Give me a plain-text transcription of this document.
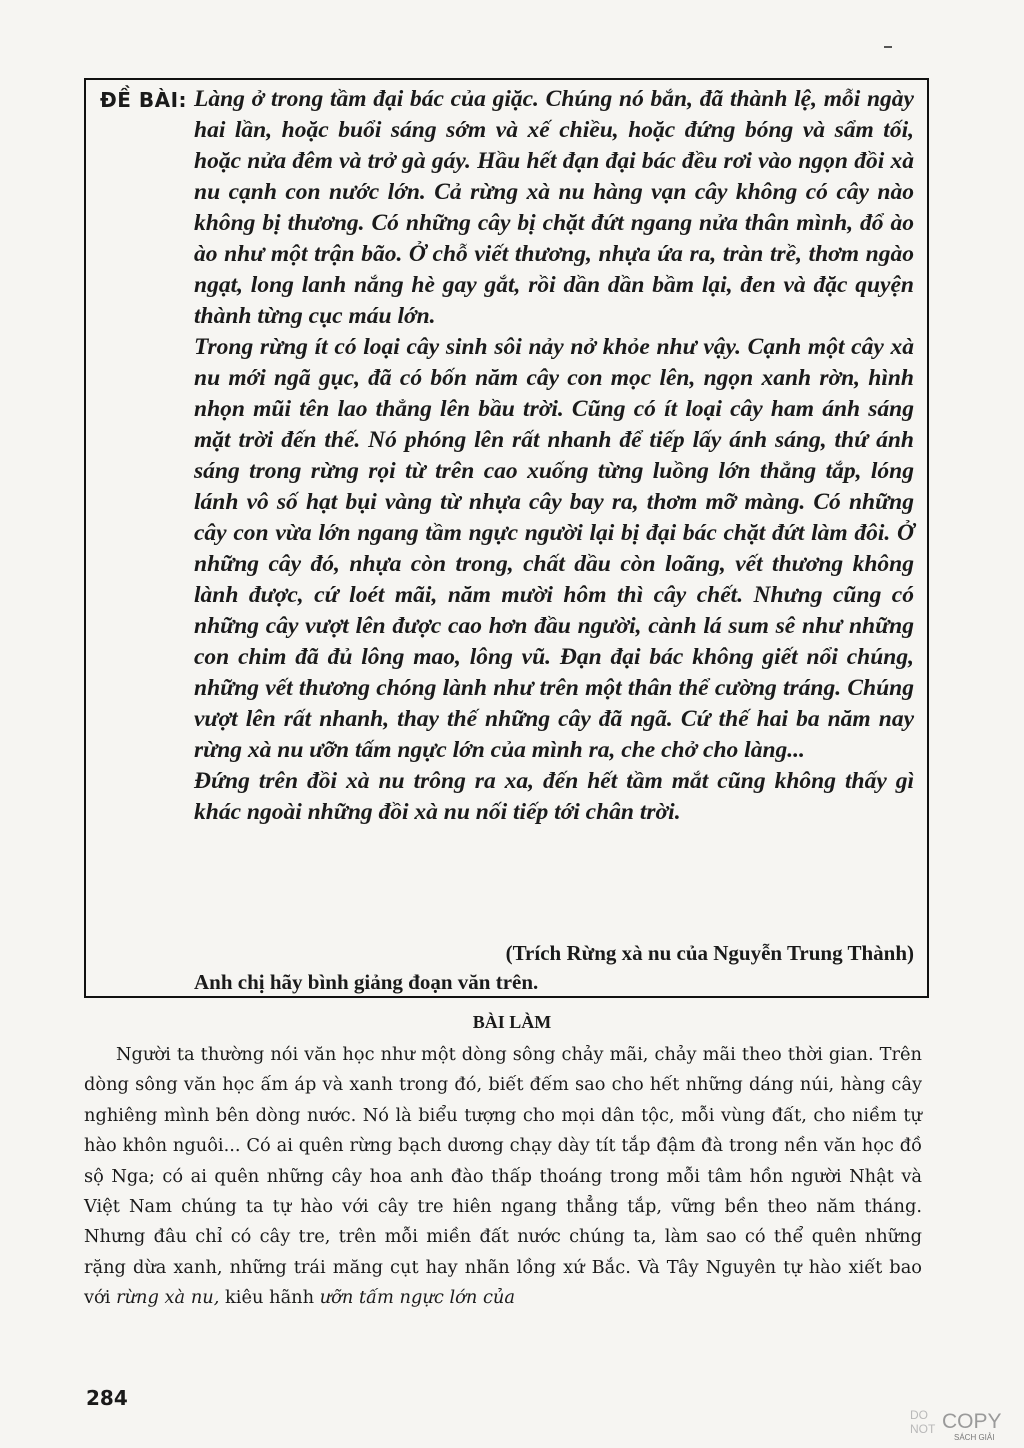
ĐỀ BÀI: Làng ở trong tầm đại bác của giặc. Chúng nó bắn, đã thành lệ, mỗi ngày hai lần, hoặc buổi sáng sớm và xế chiều, hoặc đứng bóng và sẩm tối, hoặc nửa đêm và trở gà gáy. Hầu hết đạn đại bác đều rơi vào ngọn đồi xà nu cạnh con nước lớn. Cả rừng xà nu hàng vạn cây không có cây nào không bị thương. Có những cây bị chặt đứt ngang nửa thân mình, đổ ào ào như một trận bão. Ở chỗ viết thương, nhựa ứa ra, tràn trề, thơm ngào ngạt, long lanh nắng hè gay gắt, rồi dần dần bầm lại, đen và đặc quyện thành từng cục máu lớn.

Trong rừng ít có loại cây sinh sôi nảy nở khỏe như vậy. Cạnh một cây xà nu mới ngã gục, đã có bốn năm cây con mọc lên, ngọn xanh rờn, hình nhọn mũi tên lao thẳng lên bầu trời. Cũng có ít loại cây ham ánh sáng mặt trời đến thế. Nó phóng lên rất nhanh để tiếp lấy ánh sáng, thứ ánh sáng trong rừng rọi từ trên cao xuống từng luồng lớn thẳng tắp, lóng lánh vô số hạt bụi vàng từ nhựa cây bay ra, thơm mỡ màng. Có những cây con vừa lớn ngang tầm ngực người lại bị đại bác chặt đứt làm đôi. Ở những cây đó, nhựa còn trong, chất dầu còn loãng, vết thương không lành được, cứ loét mãi, năm mười hôm thì cây chết. Nhưng cũng có những cây vượt lên được cao hơn đầu người, cành lá sum sê như những con chim đã đủ lông mao, lông vũ. Đạn đại bác không giết nổi chúng, những vết thương chóng lành như trên một thân thể cường tráng. Chúng vượt lên rất nhanh, thay thế những cây đã ngã. Cứ thế hai ba năm nay rừng xà nu ưỡn tấm ngực lớn của mình ra, che chở cho làng...

Đứng trên đồi xà nu trông ra xa, đến hết tầm mắt cũng không thấy gì khác ngoài những đồi xà nu nối tiếp tới chân trời.

(Trích Rừng xà nu của Nguyễn Trung Thành)
Anh chị hãy bình giảng đoạn văn trên.
BÀI LÀM

Người ta thường nói văn học như một dòng sông chảy mãi, chảy mãi theo thời gian. Trên dòng sông văn học ấm áp và xanh trong đó, biết đếm sao cho hết những dáng núi, hàng cây nghiêng mình bên dòng nước. Nó là biểu tượng cho mọi dân tộc, mỗi vùng đất, cho niềm tự hào khôn nguôi... Có ai quên rừng bạch dương chạy dày tít tắp đậm đà trong nền văn học đồ sộ Nga; có ai quên những cây hoa anh đào thấp thoáng trong mỗi tâm hồn người Nhật và Việt Nam chúng ta tự hào với cây tre hiên ngang thẳng tắp, vững bền theo năm tháng. Nhưng đâu chỉ có cây tre, trên mỗi miền đất nước chúng ta, làm sao có thể quên những rặng dừa xanh, những trái măng cụt hay nhãn lồng xứ Bắc. Và Tây Nguyên tự hào xiết bao với rừng xà nu, kiêu hãnh ưỡn tấm ngực lớn của

284
DO
NOT COPY
SÁCH GIẢI
